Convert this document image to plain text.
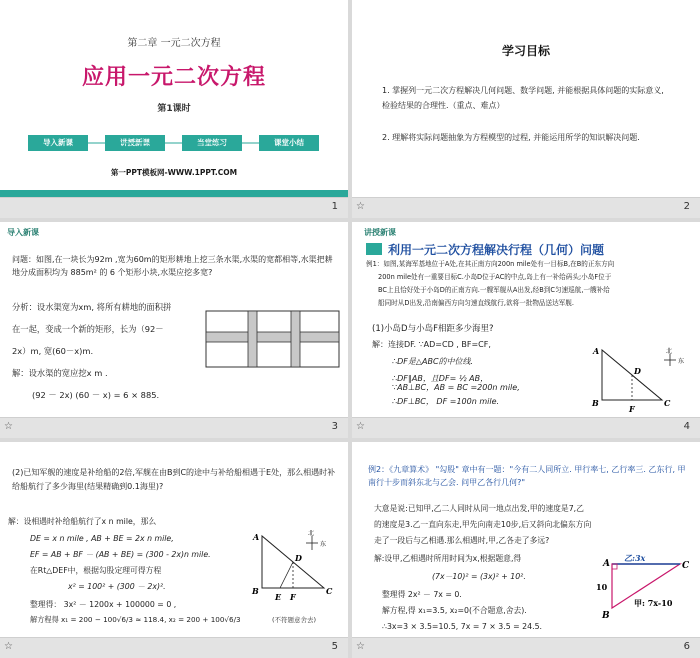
第二章 一元二次方程
应用一元二次方程
第1课时
导入新课	课堂小结
第一PPT模板网-WWW.1PPT.COM
1
学习目标
1. 掌握列一元二次方程解决几何问题、数学问题, 并能根据具体问题的实际意义, 检验结果的合理性.（重点、难点）
2. 理解将实际问题抽象为方程模型的过程, 并能运用所学的知识解决问题.
☆	2
导入新课
问题：如图,在一块长为92m ,宽为60m的矩形耕地上挖三条水渠,水渠的宽都相等,水渠把耕地分成面积均为 885m² 的 6 个矩形小块,水渠应挖多宽?
分析：设水渠宽为xm, 将所有耕地的面积拼
在一起，变成一个新的矩形，长为（92－
2x）m, 宽(60－x)m.
解：设水渠的宽应挖x m .
(92 － 2x) (60 － x) = 6 × 885.
☆	3
讲授新课
利用一元二次方程解决行程（几何）问题
例1：如图,某海军基地位于A处,在其正南方向200n mile处有一目标B,在B的正东方向
200n mile处有一重要目标C.小岛D位于AC的中点,岛上有一补给码头;小岛F位于
BC上且恰好处于小岛D的正南方向.一艘军舰从A出发,经B到C匀速巡航,一艘补给
船同时从D出发,沿南偏西方向匀速直线航行,欲将一批物品送达军舰.
(1)小岛D与小岛F相距多少海里?
解：连接DF. ∵AD=CD , BF=CF,
∴DF是△ABC的中位线.
∴DF∥AB，且DF= ½ AB，
∵AB⊥BC，AB = BC =200n mile,
∴DF⊥BC， DF =100n mile.
A
B	C
D
F
北
东
☆	4
(2)已知军舰的速度是补给船的2倍,军舰在由B到C的途中与补给船相遇于E处，那么相遇时补给船航行了多少海里(结果精确到0.1海里)?
解：设相遇时补给船航行了x n mile，那么
DE = x n mile , AB + BE = 2x n mile,
EF = AB + BF － (AB + BE) = (300 - 2x)n mile.
在Rt△DEF中，根据勾股定理可得方程
x² = 100² + (300 － 2x)².
整理得： 3x² － 1200x + 100000 = 0 ,
解方程得 x₁ = 200 − 100√6/3 ≈ 118.4, x₂ = 200 + 100√6/3	(不符题意舍去)
A
B	C
D
E F
北
东
☆	5
例2：《九章算术》 "勾股" 章中有一题："今有二人同所立. 甲行率七, 乙行率三. 乙东行, 甲南行十步而斜东北与乙会. 问甲乙各行几何?"
大意是说:已知甲,乙二人同时从同一地点出发,甲的速度是7,乙
的速度是3.乙一直向东走,甲先向南走10步,后又斜向北偏东方向
走了一段后与乙相遇.那么相遇时,甲,乙各走了多远?
解:设甲,乙相遇时所用时间为x,根据题意,得
(7x－10)² = (3x)² + 10².
整理得 2x² － 7x = 0.
解方程,得 x₁=3.5, x₂=0(不合题意,舍去).
∴3x=3 × 3.5=10.5, 7x = 7 × 3.5 = 24.5.
A
B
C
乙:3x
10
甲: 7x-10
☆	6
